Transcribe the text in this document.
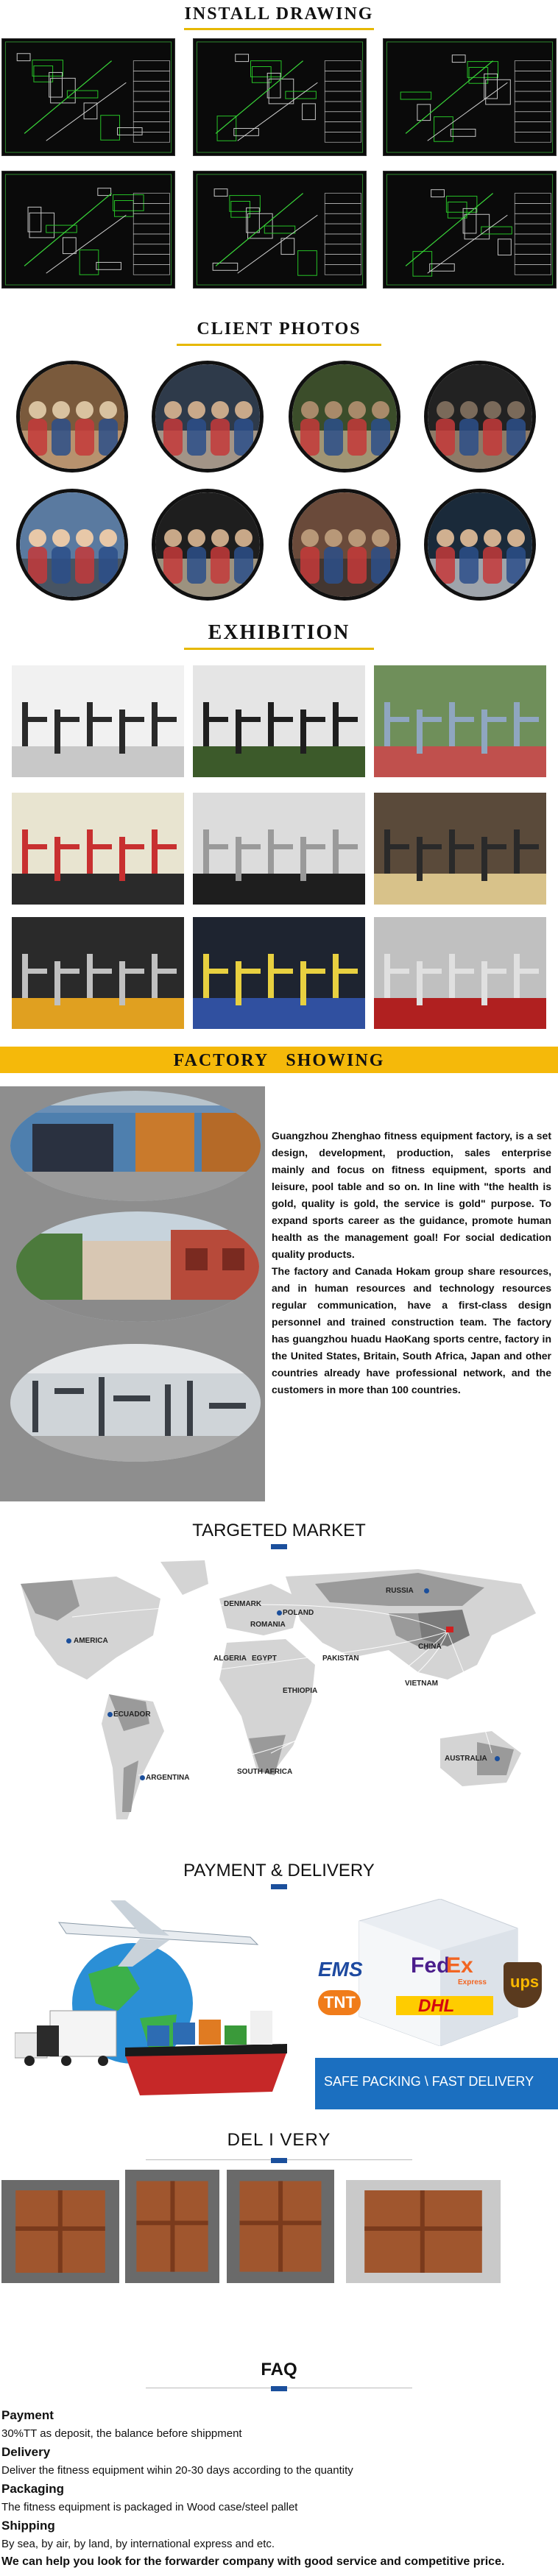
INSTALL DRAWING
CLIENT PHOTOS
EXHIBITION
FACTORY   SHOWING

Guangzhou Zhenghao fitness equipment factory, is a set design, development, production, sales enterprise mainly and focus on fitness equipment, sports and leisure, pool table and so on. In line with "the health is gold, quality is gold, the service is gold" purpose. To expand sports career as the guidance, promote human health as the management goal! For social dedication quality products.

The factory and Canada Hokam group share resources, and in human resources and technology resources regular communication, have a first-class design personnel and trained construction team. The factory has guangzhou huadu HaoKang sports centre, factory in the United States, Britain, South Africa, Japan and other countries already have professional network, and the customers in more than 100 countries.

TARGETED MARKET
RUSSIA
DENMARK
POLAND
ROMANIA
AMERICA
CHINA
ALGERIA EGYPT	PAKISTAN
VIETNAM
ETHIOPIA
ECUADOR
AUSTRALIA
SOUTH AFRICA
ARGENTINA
PAYMENT & DELIVERY
EMS Fed
Ex
Express
TNT	DHL
ups
SAFE PACKING \ FAST DELIVERY
DEL I VERY
FAQ
Payment
30%TT as deposit, the balance before shippment
Delivery
Deliver the fitness equipment wihin 20-30 days according to the quantity
Packaging
The fitness equipment is packaged in Wood case/steel pallet
Shipping
By sea, by air, by land, by international express and etc.
We can help you look for the forwarder company with good service and competitive price.
